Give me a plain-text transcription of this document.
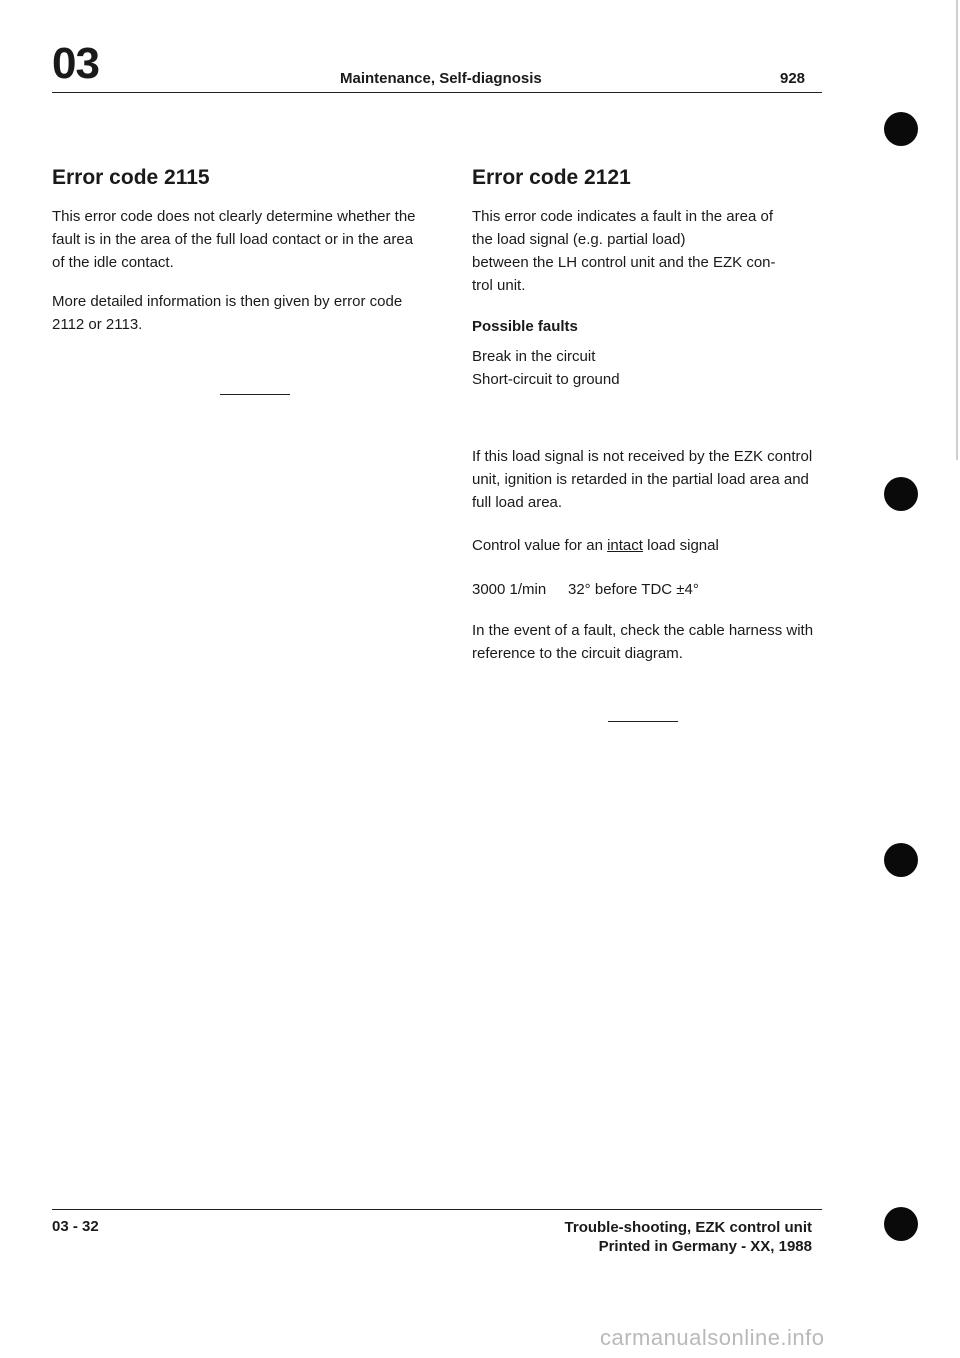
03	Maintenance, Self-diagnosis	928
Error code 2115

This error code does not clearly determine whether the fault is in the area of the full load contact or in the area of the idle contact.

More detailed information is then given by error code 2112 or 2113.

Error code 2121

This error code indicates a fault in the area of

the load signal (e.g. partial load)

between the LH control unit and the EZK con-

trol unit.

Possible faults

Break in the circuit

Short-circuit to ground

If this load signal is not received by the EZK control unit, ignition is retarded in the partial load area and full load area.

Control value for an intact load signal

3000 1/min 32° before TDC ±4°

In the event of a fault, check the cable harness with reference to the circuit diagram.

03 - 32	Trouble-shooting, EZK control unit
Printed in Germany - XX, 1988
carmanualsonline.info
